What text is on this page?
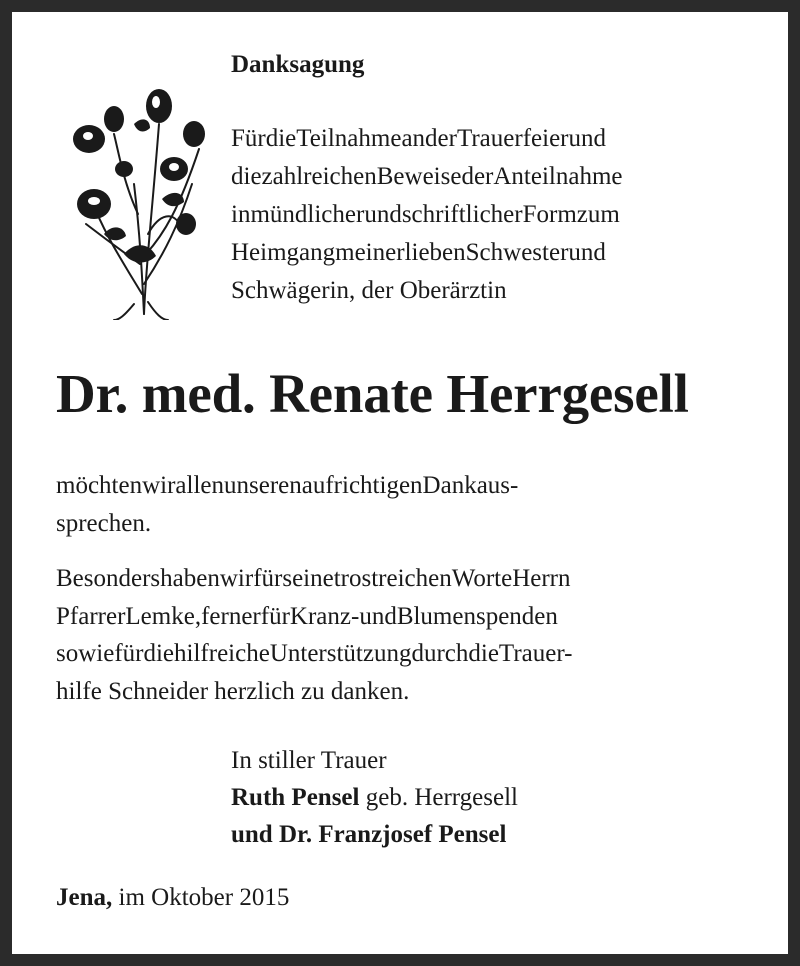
Danksagung

FürdieTeilnahmeanderTrauerfeierund
diezahlreichenBeweisederAnteilnahme
inmündlicherundschriftlicherFormzum
HeimgangmeinerliebenSchwesterund
Schwägerin, der Oberärztin
Dr. med. Renate Herrgesell
möchtenwirallenunserenaufrichtigenDankaus-
sprechen.
BesondershabenwirfürseinetrostreichenWorteHerrn
PfarrerLemke,fernerfürKranz-undBlumenspenden
sowiefürdiehilfreicheUnterstützungdurchdieTrauer-
hilfe Schneider herzlich zu danken.
In stiller Trauer
Ruth Pensel geb. Herrgesell
und Dr. Franzjosef Pensel
Jena, im Oktober 2015
